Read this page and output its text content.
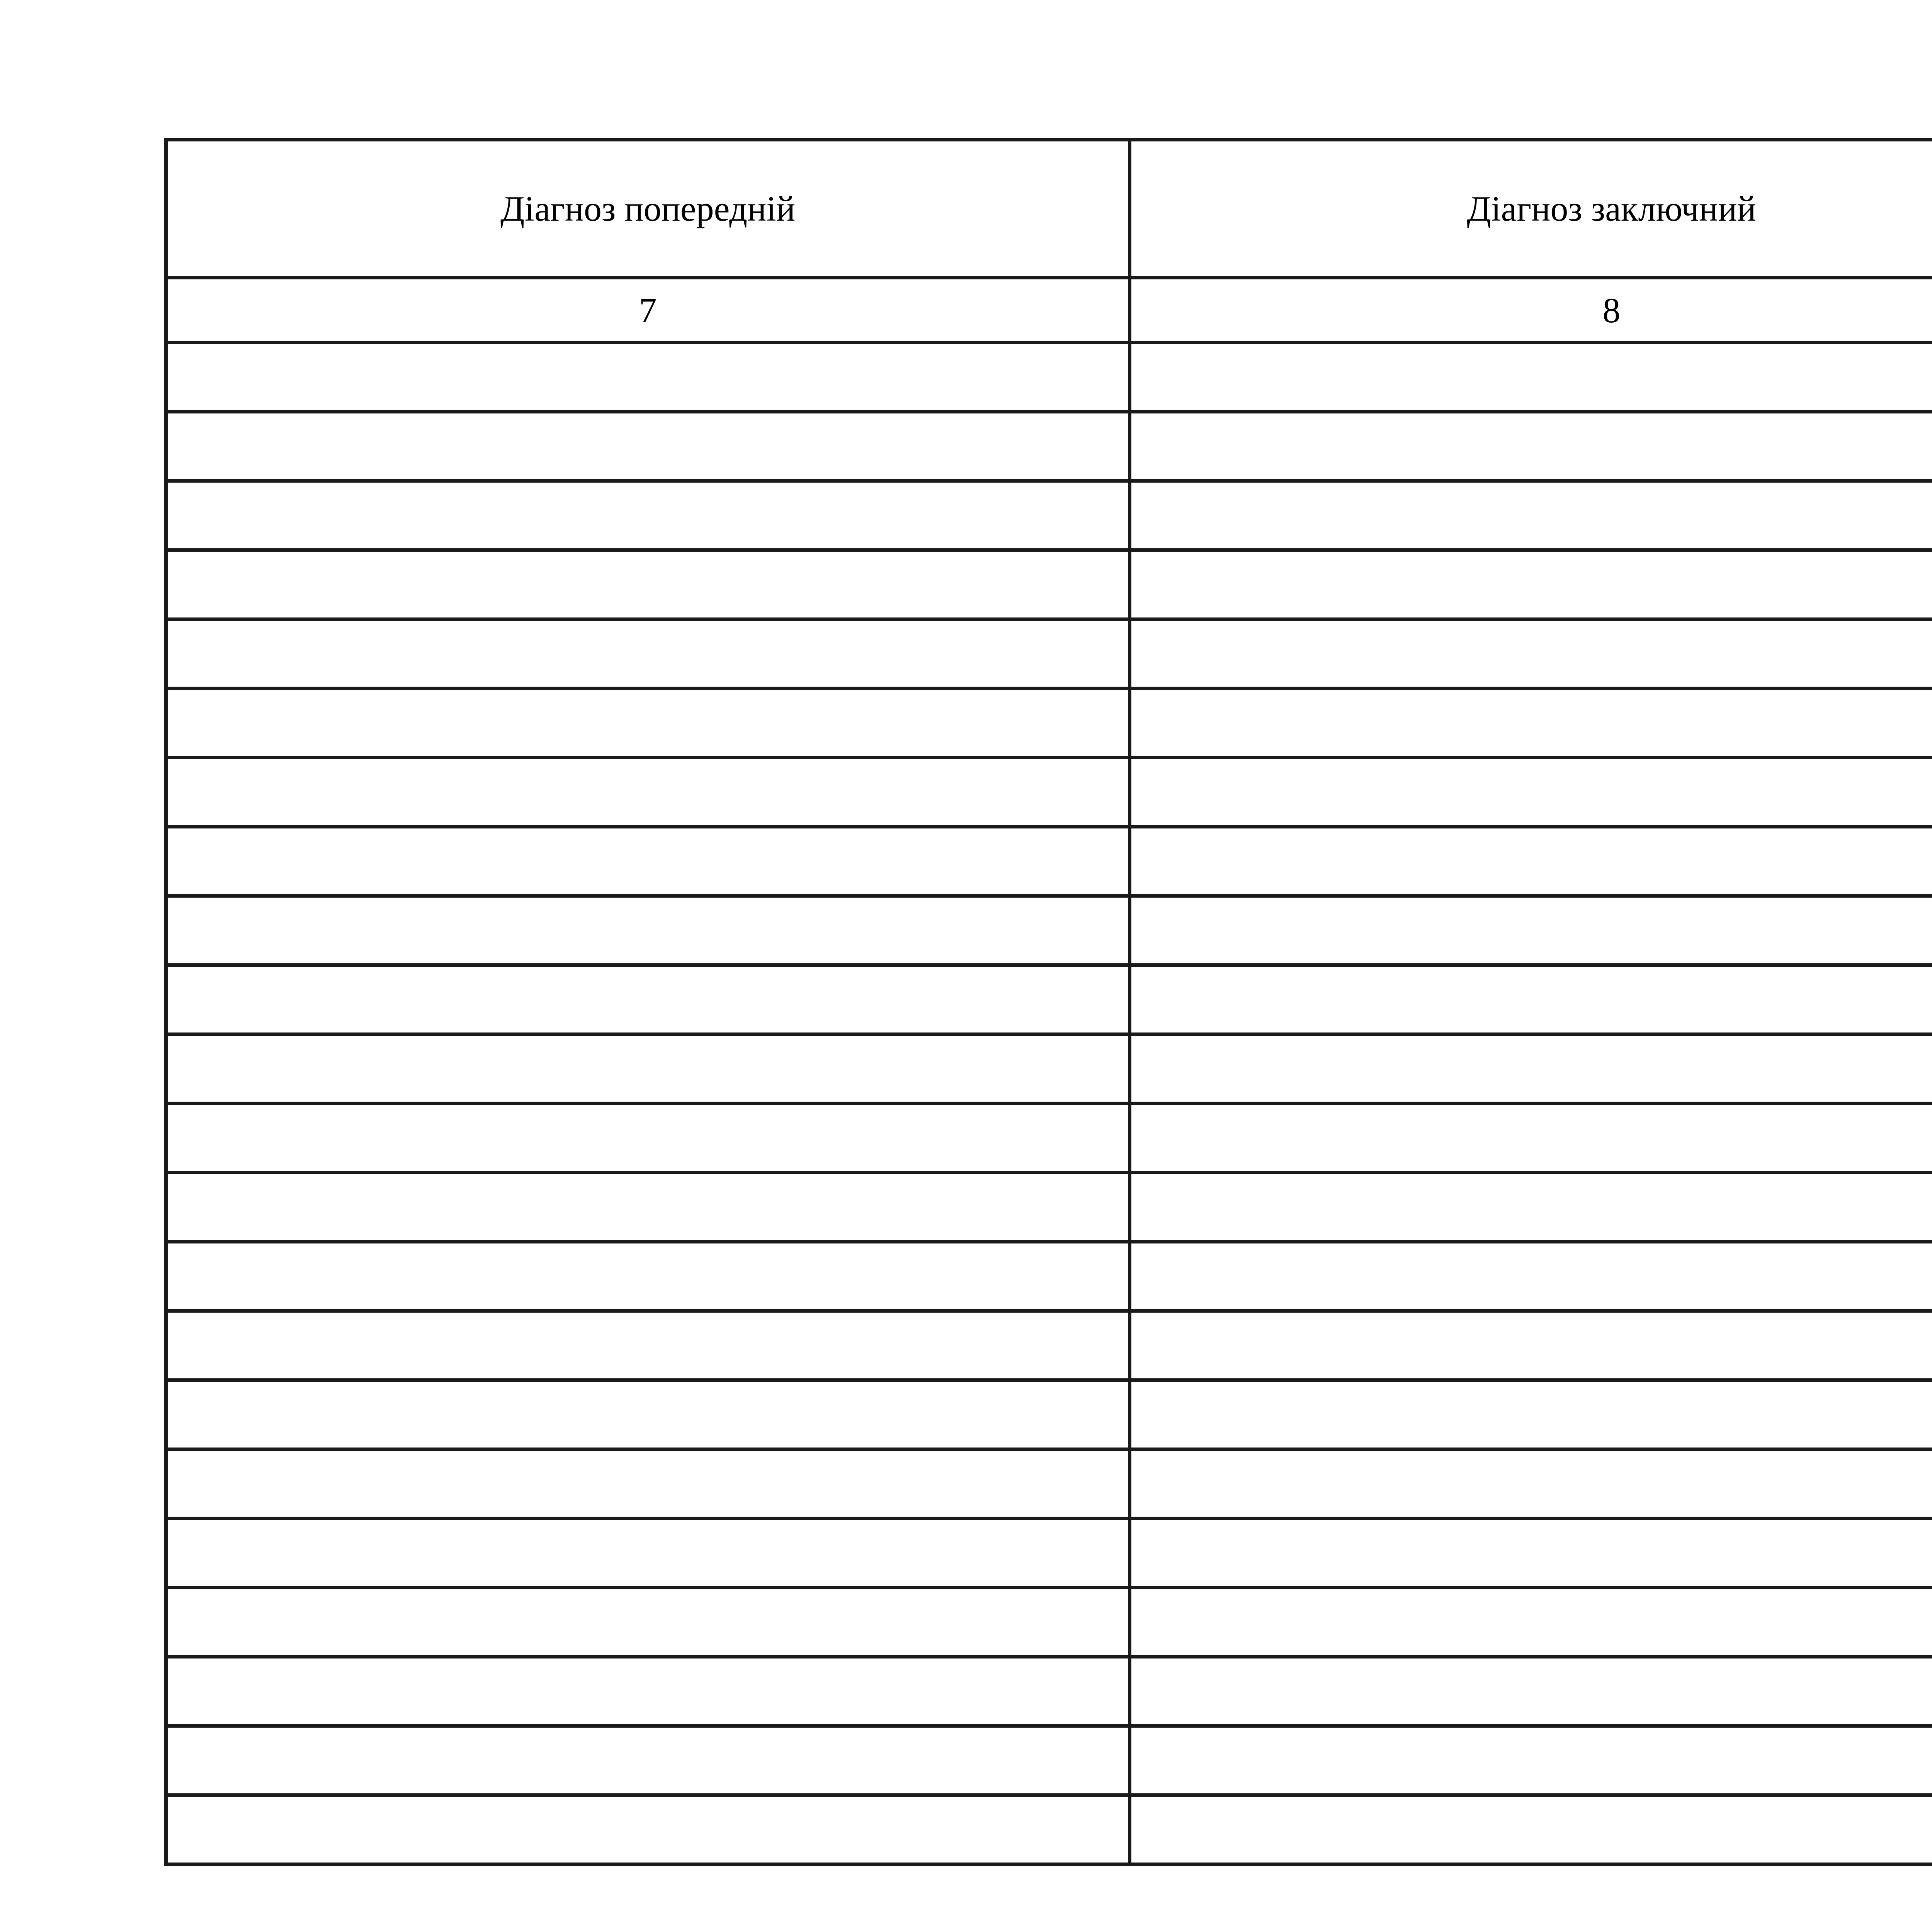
Діагноз попередній	Діагноз заключний	
7	8	
